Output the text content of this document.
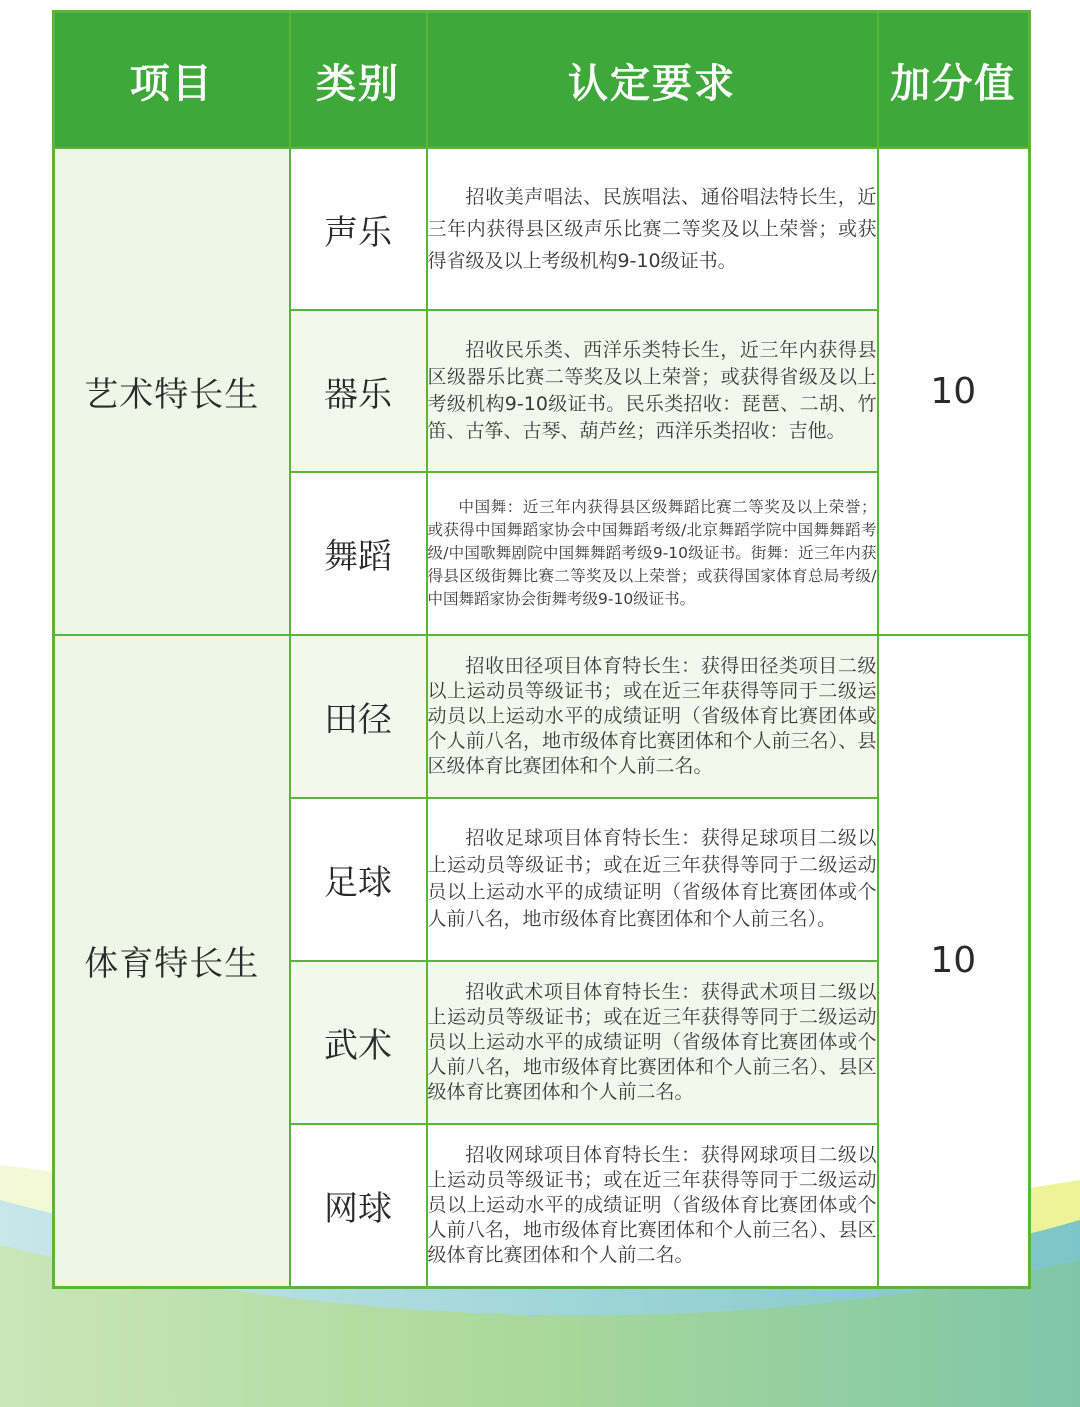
项目	类别	认定要求	加分值
艺术特长生	声乐	招收美声唱法、民族唱法、通俗唱法特长生，近三年内获得县区级声乐比赛二等奖及以上荣誉；或获得省级及以上考级机构9-10级证书。	10
	器乐	招收民乐类、西洋乐类特长生，近三年内获得县区级器乐比赛二等奖及以上荣誉；或获得省级及以上考级机构9-10级证书。民乐类招收：琵琶、二胡、竹笛、古筝、古琴、葫芦丝；西洋乐类招收：吉他。	

	舞蹈	中国舞：近三年内获得县区级舞蹈比赛二等奖及以上荣誉；或获得中国舞蹈家协会中国舞蹈考级/北京舞蹈学院中国舞舞蹈考级/中国歌舞剧院中国舞舞蹈考级9-10级证书。街舞：近三年内获得县区级街舞比赛二等奖及以上荣誉；或获得国家体育总局考级/中国舞蹈家协会街舞考级9-10级证书。	

体育特长生	田径	招收田径项目体育特长生：获得田径类项目二级以上运动员等级证书；或在近三年获得等同于二级运动员以上运动水平的成绩证明（省级体育比赛团体或个人前八名，地市级体育比赛团体和个人前三名）、县区级体育比赛团体和个人前二名。	10
	足球	招收足球项目体育特长生：获得足球项目二级以上运动员等级证书；或在近三年获得等同于二级运动员以上运动水平的成绩证明（省级体育比赛团体或个人前八名，地市级体育比赛团体和个人前三名）。	

	武术	招收武术项目体育特长生：获得武术项目二级以上运动员等级证书；或在近三年获得等同于二级运动员以上运动水平的成绩证明（省级体育比赛团体或个人前八名，地市级体育比赛团体和个人前三名）、县区级体育比赛团体和个人前二名。	

	网球	招收网球项目体育特长生：获得网球项目二级以上运动员等级证书；或在近三年获得等同于二级运动员以上运动水平的成绩证明（省级体育比赛团体或个人前八名，地市级体育比赛团体和个人前三名）、县区级体育比赛团体和个人前二名。	
